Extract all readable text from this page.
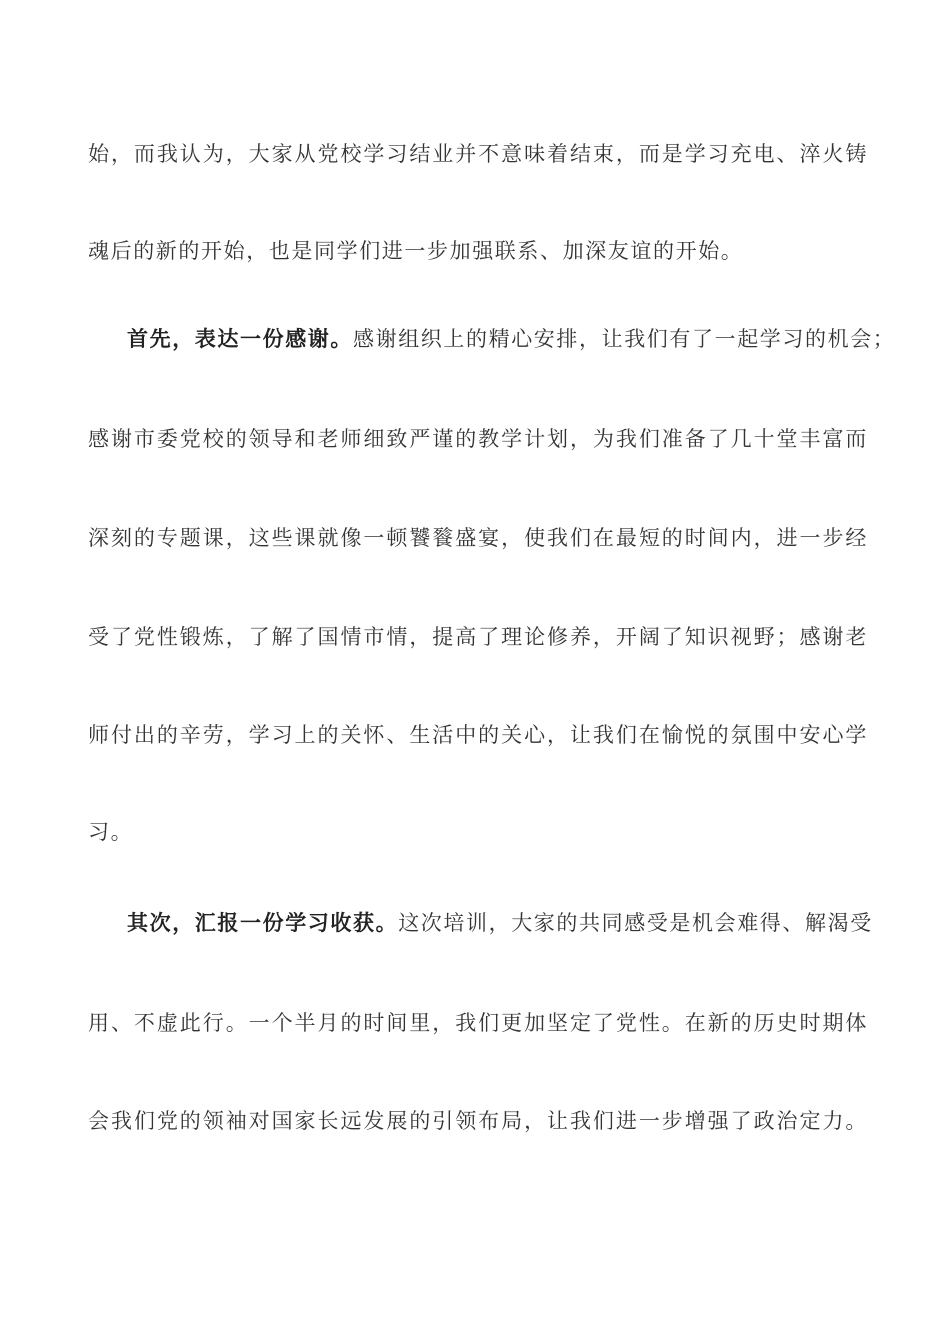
始，而我认为，大家从党校学习结业并不意味着结束，而是学习充电、淬火铸
魂后的新的开始，也是同学们进一步加强联系、加深友谊的开始。
首先，表达一份感谢。感谢组织上的精心安排，让我们有了一起学习的机会；
感谢市委党校的领导和老师细致严谨的教学计划，为我们准备了几十堂丰富而
深刻的专题课，这些课就像一顿饕餮盛宴，使我们在最短的时间内，进一步经
受了党性锻炼，了解了国情市情，提高了理论修养，开阔了知识视野；感谢老
师付出的辛劳，学习上的关怀、生活中的关心，让我们在愉悦的氛围中安心学
习。
其次，汇报一份学习收获。这次培训，大家的共同感受是机会难得、解渴受
用、不虚此行。一个半月的时间里，我们更加坚定了党性。在新的历史时期体
会我们党的领袖对国家长远发展的引领布局，让我们进一步增强了政治定力。
